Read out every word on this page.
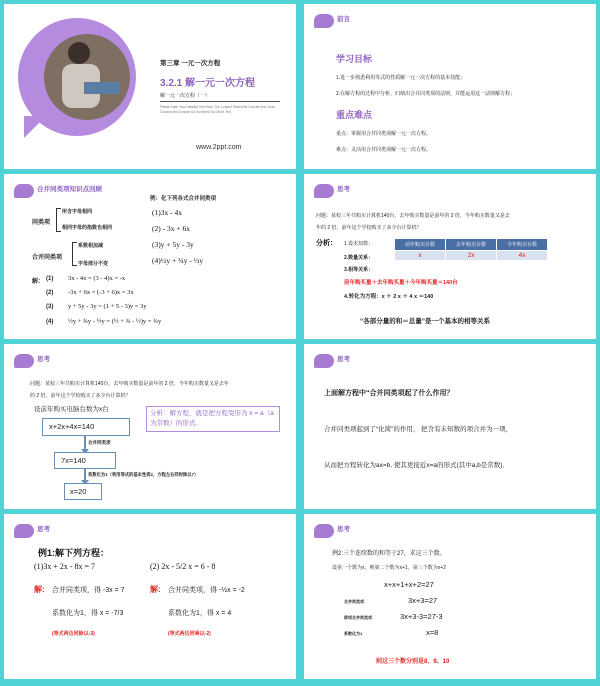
第三章 一元一次方程
3.2.1 解一元一次方程
解一元一次方程（一）
Please Enter Your Detailed Text Here, The Content Should Be Concise And Clear, Concise And Concise Do Not Need Too Much Text
www.2ppt.com
前言
学习目标
1.进一步熟悉利用等式的性质解一元一次方程的基本技能；
2.在解方程的过程中分析，归纳出合并同类项的法则，并能运用这一法则解方程；
重点难点
重点：掌握用合并同类项解一元一次方程。
难点：灵活用合并同类项解一元一次方程。
合并同类项知识点回顾
同类项
所含字母相同
相同字母的指数也相同
合并同类项
系数相加减
字母部分不变
例：化下列各式合并同类项
(1)3x - 4x
(2) - 3x + 6x
(3)y + 5y - 3y
(4)½y + ¾y - ½y
解： (1) 3x - 4x = (3 - 4)x = -x
(2) -3x + 6x = (-3 + 6)x = 3x
(3) y + 5y - 3y = (1 + 5 - 3)y = 3y
(4) ½y + ¾y - ½y = (½ + ¾ - ½)y = ¾y
思考
问题：某校三年共购买计算机140台，去年购买数量是前年的 2 倍，今年购买数量又是去
年的 2 倍，前年这个学校购买了多少台计算机？
分析： 1.设未知数：
2.数量关系：
3.相等关系：
前年购买台数	去年购买台数	今年购买台数
x	2x	4x
前年购买量＋去年购买量＋今年购买量＝140台
4.转化为方程：x ＋ 2 x ＋ 4 x ＝140
“各部分量的和＝总量”是一个基本的相等关系
思考
问题：某校三年共购买计算机140台，去年购买数量是前年的 2 倍，今年购买数量又是去年
的 2 倍，前年这个学校购买了多少台计算机？
设前年购买电脑台数为x台
x+2x+4x=140
合并同类项
7x=140
系数化为1（利用等式的基本性质2，方程左右同时除以7）
x=20
分析：解方程，就是把方程变形为 x = a（a为常数）的形式.
思考
上面解方程中“合并同类项起了什么作用？
合并同类项起到了“化简”的作用， 把含有未知数的项合并为一项，
从而把方程转化为ax=b, 使其更接近x=a的形式(其中a,b是常数)．
思考
例1:解下列方程：
(1)3x + 2x - 8x = 7	(2) 2x - 5/2 x = 6 - 8
解: 合并同类项，得 -3x = 7
系数化为1，得 x = -7/3
(等式两边同除以-3)
解: 合并同类项，得 -½x = -2
系数化为1，得 x = 4
(等式两边同乘以-2)
思考
例2:三个连续数的和等于27，求这三个数。
设第一个数为x，则第二个数为x+1，第三个数为x+2
x+x+1+x+2=27
合并同类项	3x+3=27
移项合并同类项	3x+3-3=27-3
系数化为1	x=8
则这三个数分别是8、9、10
